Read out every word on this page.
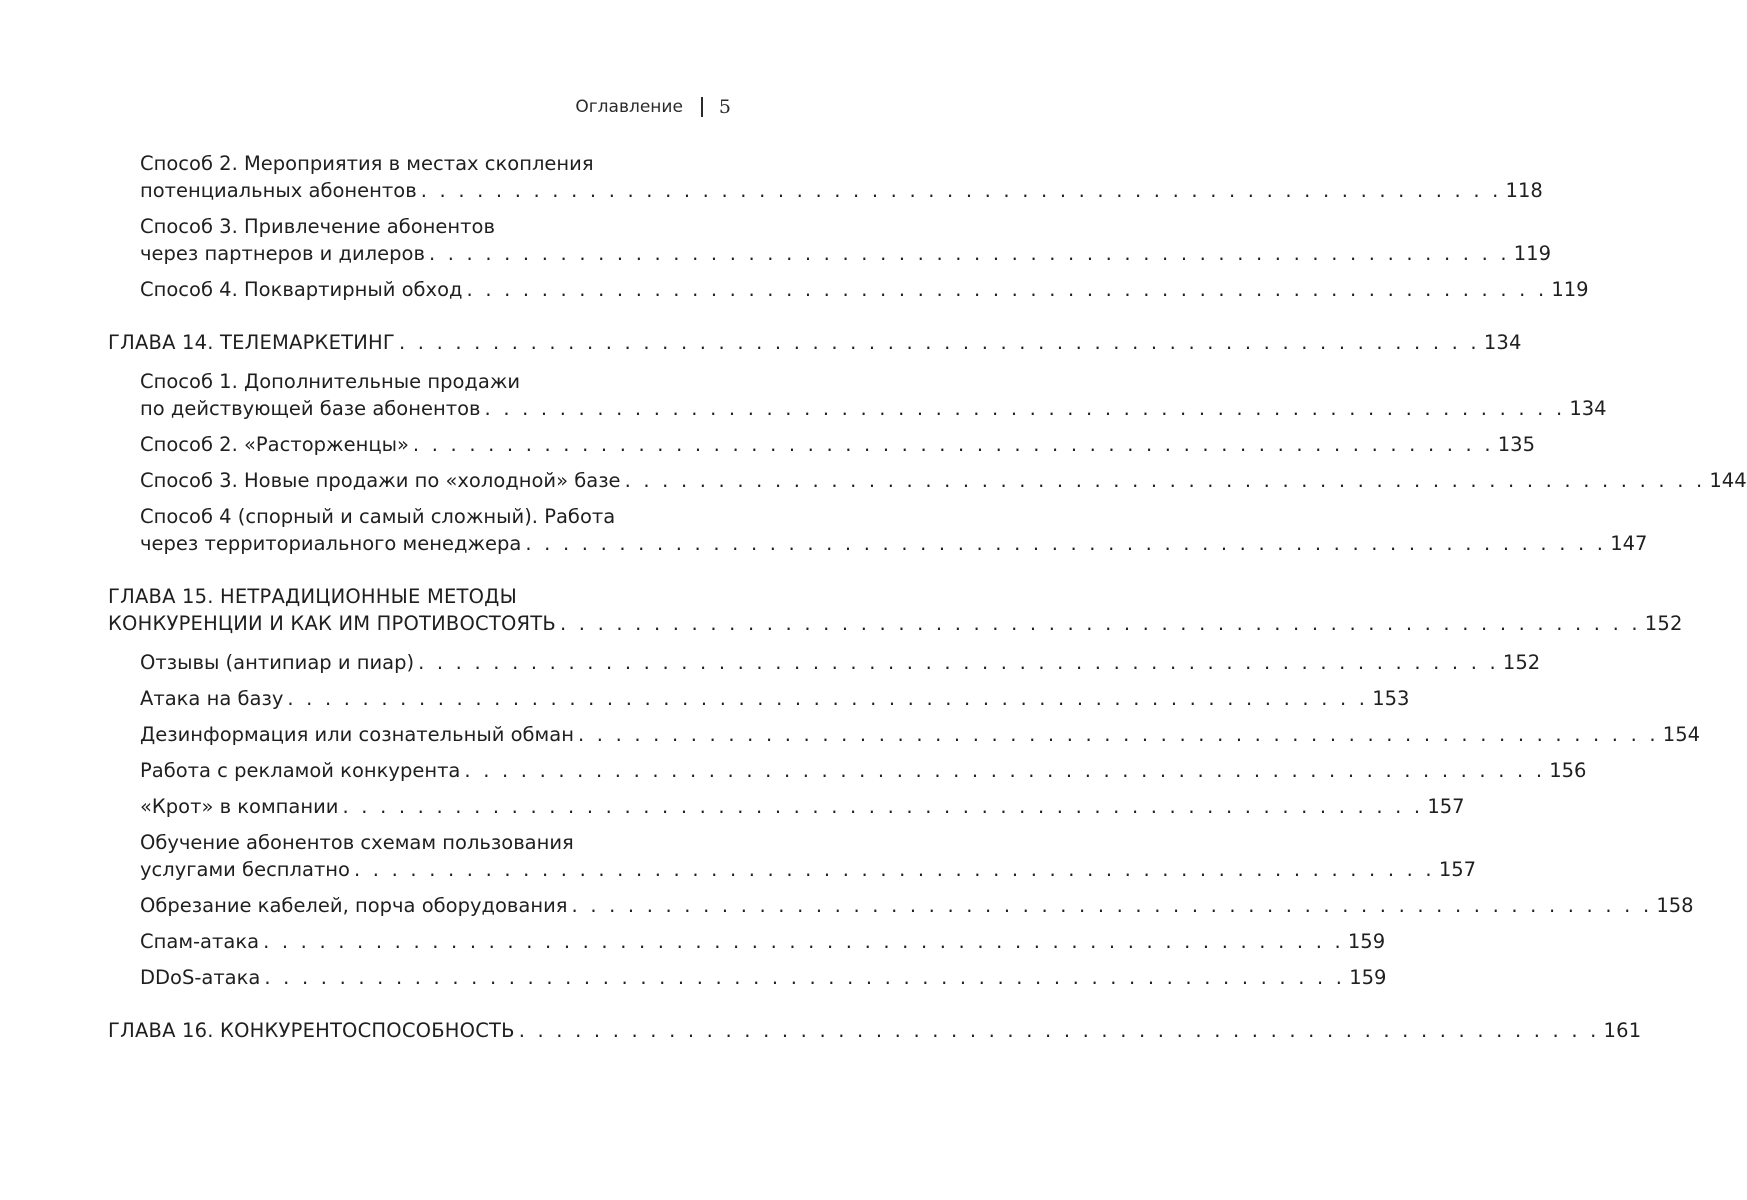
Оглавление 5
Способ 2. Мероприятия в местах скопления
потенциальных абонентов . . . . . . . . . . . . . . . . . . . . . . . . . . . . . . . . . . . . . . . . . . . . . . . . . . . . . . . . . . 118
Способ 3. Привлечение абонентов
через партнеров и дилеров . . . . . . . . . . . . . . . . . . . . . . . . . . . . . . . . . . . . . . . . . . . . . . . . . . . . . . . . . . 119
Способ 4. Поквартирный обход . . . . . . . . . . . . . . . . . . . . . . . . . . . . . . . . . . . . . . . . . . . . . . . . . . . . . . . . . . 119
ГЛАВА 14. ТЕЛЕМАРКЕТИНГ . . . . . . . . . . . . . . . . . . . . . . . . . . . . . . . . . . . . . . . . . . . . . . . . . . . . . . . . . . 134
Способ 1. Дополнительные продажи
по действующей базе абонентов . . . . . . . . . . . . . . . . . . . . . . . . . . . . . . . . . . . . . . . . . . . . . . . . . . . . . . . . . . 134
Способ 2. «Расторженцы» . . . . . . . . . . . . . . . . . . . . . . . . . . . . . . . . . . . . . . . . . . . . . . . . . . . . . . . . . . 135
Способ 3. Новые продажи по «холодной» базе . . . . . . . . . . . . . . . . . . . . . . . . . . . . . . . . . . . . . . . . . . . . . . . . . . . . . . . . . . 144
Способ 4 (спорный и самый сложный). Работа
через территориального менеджера . . . . . . . . . . . . . . . . . . . . . . . . . . . . . . . . . . . . . . . . . . . . . . . . . . . . . . . . . . 147
ГЛАВА 15. НЕТРАДИЦИОННЫЕ МЕТОДЫ
КОНКУРЕНЦИИ И КАК ИМ ПРОТИВОСТОЯТЬ . . . . . . . . . . . . . . . . . . . . . . . . . . . . . . . . . . . . . . . . . . . . . . . . . . . . . . . . . . 152
Отзывы (антипиар и пиар) . . . . . . . . . . . . . . . . . . . . . . . . . . . . . . . . . . . . . . . . . . . . . . . . . . . . . . . . . . 152
Атака на базу . . . . . . . . . . . . . . . . . . . . . . . . . . . . . . . . . . . . . . . . . . . . . . . . . . . . . . . . . . 153
Дезинформация или сознательный обман . . . . . . . . . . . . . . . . . . . . . . . . . . . . . . . . . . . . . . . . . . . . . . . . . . . . . . . . . . 154
Работа с рекламой конкурента . . . . . . . . . . . . . . . . . . . . . . . . . . . . . . . . . . . . . . . . . . . . . . . . . . . . . . . . . . 156
«Крот» в компании . . . . . . . . . . . . . . . . . . . . . . . . . . . . . . . . . . . . . . . . . . . . . . . . . . . . . . . . . . 157
Обучение абонентов схемам пользования
услугами бесплатно . . . . . . . . . . . . . . . . . . . . . . . . . . . . . . . . . . . . . . . . . . . . . . . . . . . . . . . . . . 157
Обрезание кабелей, порча оборудования . . . . . . . . . . . . . . . . . . . . . . . . . . . . . . . . . . . . . . . . . . . . . . . . . . . . . . . . . . 158
Спам-атака . . . . . . . . . . . . . . . . . . . . . . . . . . . . . . . . . . . . . . . . . . . . . . . . . . . . . . . . . . 159
DDoS-атака . . . . . . . . . . . . . . . . . . . . . . . . . . . . . . . . . . . . . . . . . . . . . . . . . . . . . . . . . . 159
ГЛАВА 16. КОНКУРЕНТОСПОСОБНОСТЬ . . . . . . . . . . . . . . . . . . . . . . . . . . . . . . . . . . . . . . . . . . . . . . . . . . . . . . . . . . 161
